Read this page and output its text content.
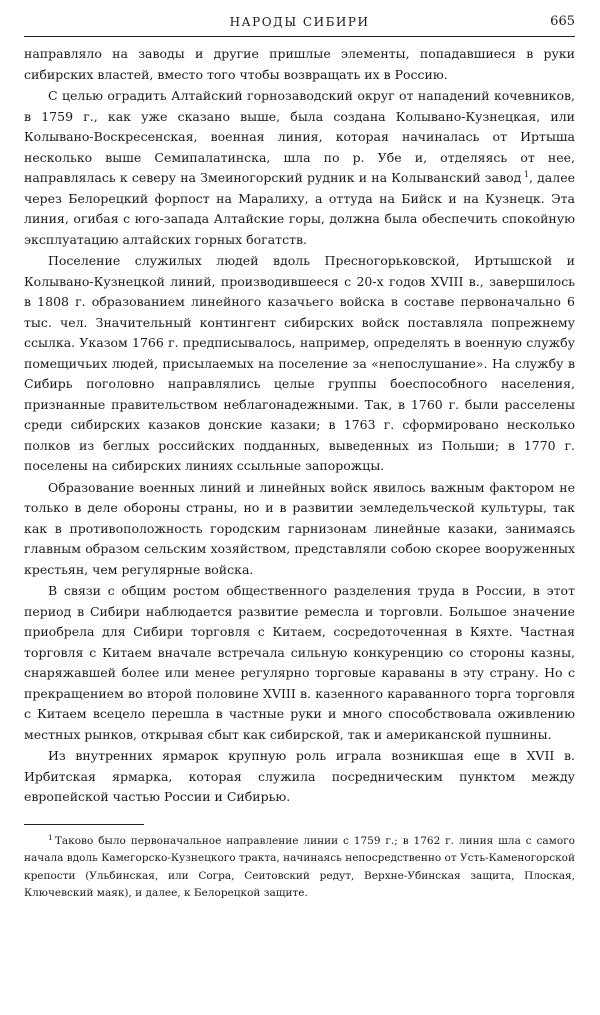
НАРОДЫ СИБИРИ	665

направляло на заводы и другие пришлые элементы, попадавшиеся в руки сибирских властей, вместо того чтобы возвращать их в Россию.

С целью оградить Алтайский горнозаводский округ от нападений кочевников, в 1759 г., как уже сказано выше, была создана Колывано-Кузнецкая, или Колывано-Воскресенская, военная линия, которая начиналась от Иртыша несколько выше Семипалатинска, шла по р. Убе и, отделяясь от нее, направлялась к северу на Змеиногорский рудник и на Колыванский завод  $^1$, далее через Белорецкий форпост на Маралиху, а оттуда на Бийск и на Кузнецк. Эта линия, огибая с юго-запада Алтайские горы, должна была обеспечить спокойную эксплуатацию алтайских горных богатств.

Поселение служилых людей вдоль Пресногорьковской, Иртышской и Колывано-Кузнецкой линий, производившееся с 20-х годов XVIII в., завершилось в 1808 г. образованием линейного казачьего войска в составе первоначально 6 тыс. чел. Значительный контингент сибирских войск поставляла попрежнему ссылка. Указом 1766 г. предписывалось, например, определять в военную службу помещичьих людей, присылаемых на поселение за «непослушание». На службу в Сибирь поголовно направлялись целые группы боеспособного населения, признанные правительством неблагонадежными. Так, в 1760 г. были расселены среди сибирских казаков донские казаки; в 1763 г. сформировано несколько полков из беглых российских подданных, выведенных из Польши; в 1770 г. поселены на сибирских линиях ссыльные запорожцы.

Образование военных линий и линейных войск явилось важным фактором не только в деле обороны страны, но и в развитии земледельческой культуры, так как в противоположность городским гарнизонам линейные казаки, занимаясь главным образом сельским хозяйством, представляли собою скорее вооруженных крестьян, чем регулярные войска.

В связи с общим ростом общественного разделения труда в России, в этот период в Сибири наблюдается развитие ремесла и торговли. Большое значение приобрела для Сибири торговля с Китаем, сосредоточенная в Кяхте. Частная торговля с Китаем вначале встречала сильную конкуренцию со стороны казны, снаряжавшей более или менее регулярно торговые караваны в эту страну. Но с прекращением во второй половине XVIII в. казенного караванного торга торговля с Китаем всецело перешла в частные руки и много способствовала оживлению местных рынков, открывая сбыт как сибирской, так и американской пушнины.

Из внутренних ярмарок крупную роль играла возникшая еще в XVII в. Ирбитская ярмарка, которая служила посредническим пунктом между европейской частью России и Сибирью.

$^1$  Таково было первоначальное направление линии с 1759 г.; в 1762 г. линия шла с самого начала вдоль Камегорско-Кузнецкого тракта, начинаясь непосредственно от Усть-Каменогорской крепости (Ульбинская, или Согра, Сеитовский редут, Верхне-Убинская защита, Плоская, Ключевский маяк), и далее, к Белорецкой защите.
